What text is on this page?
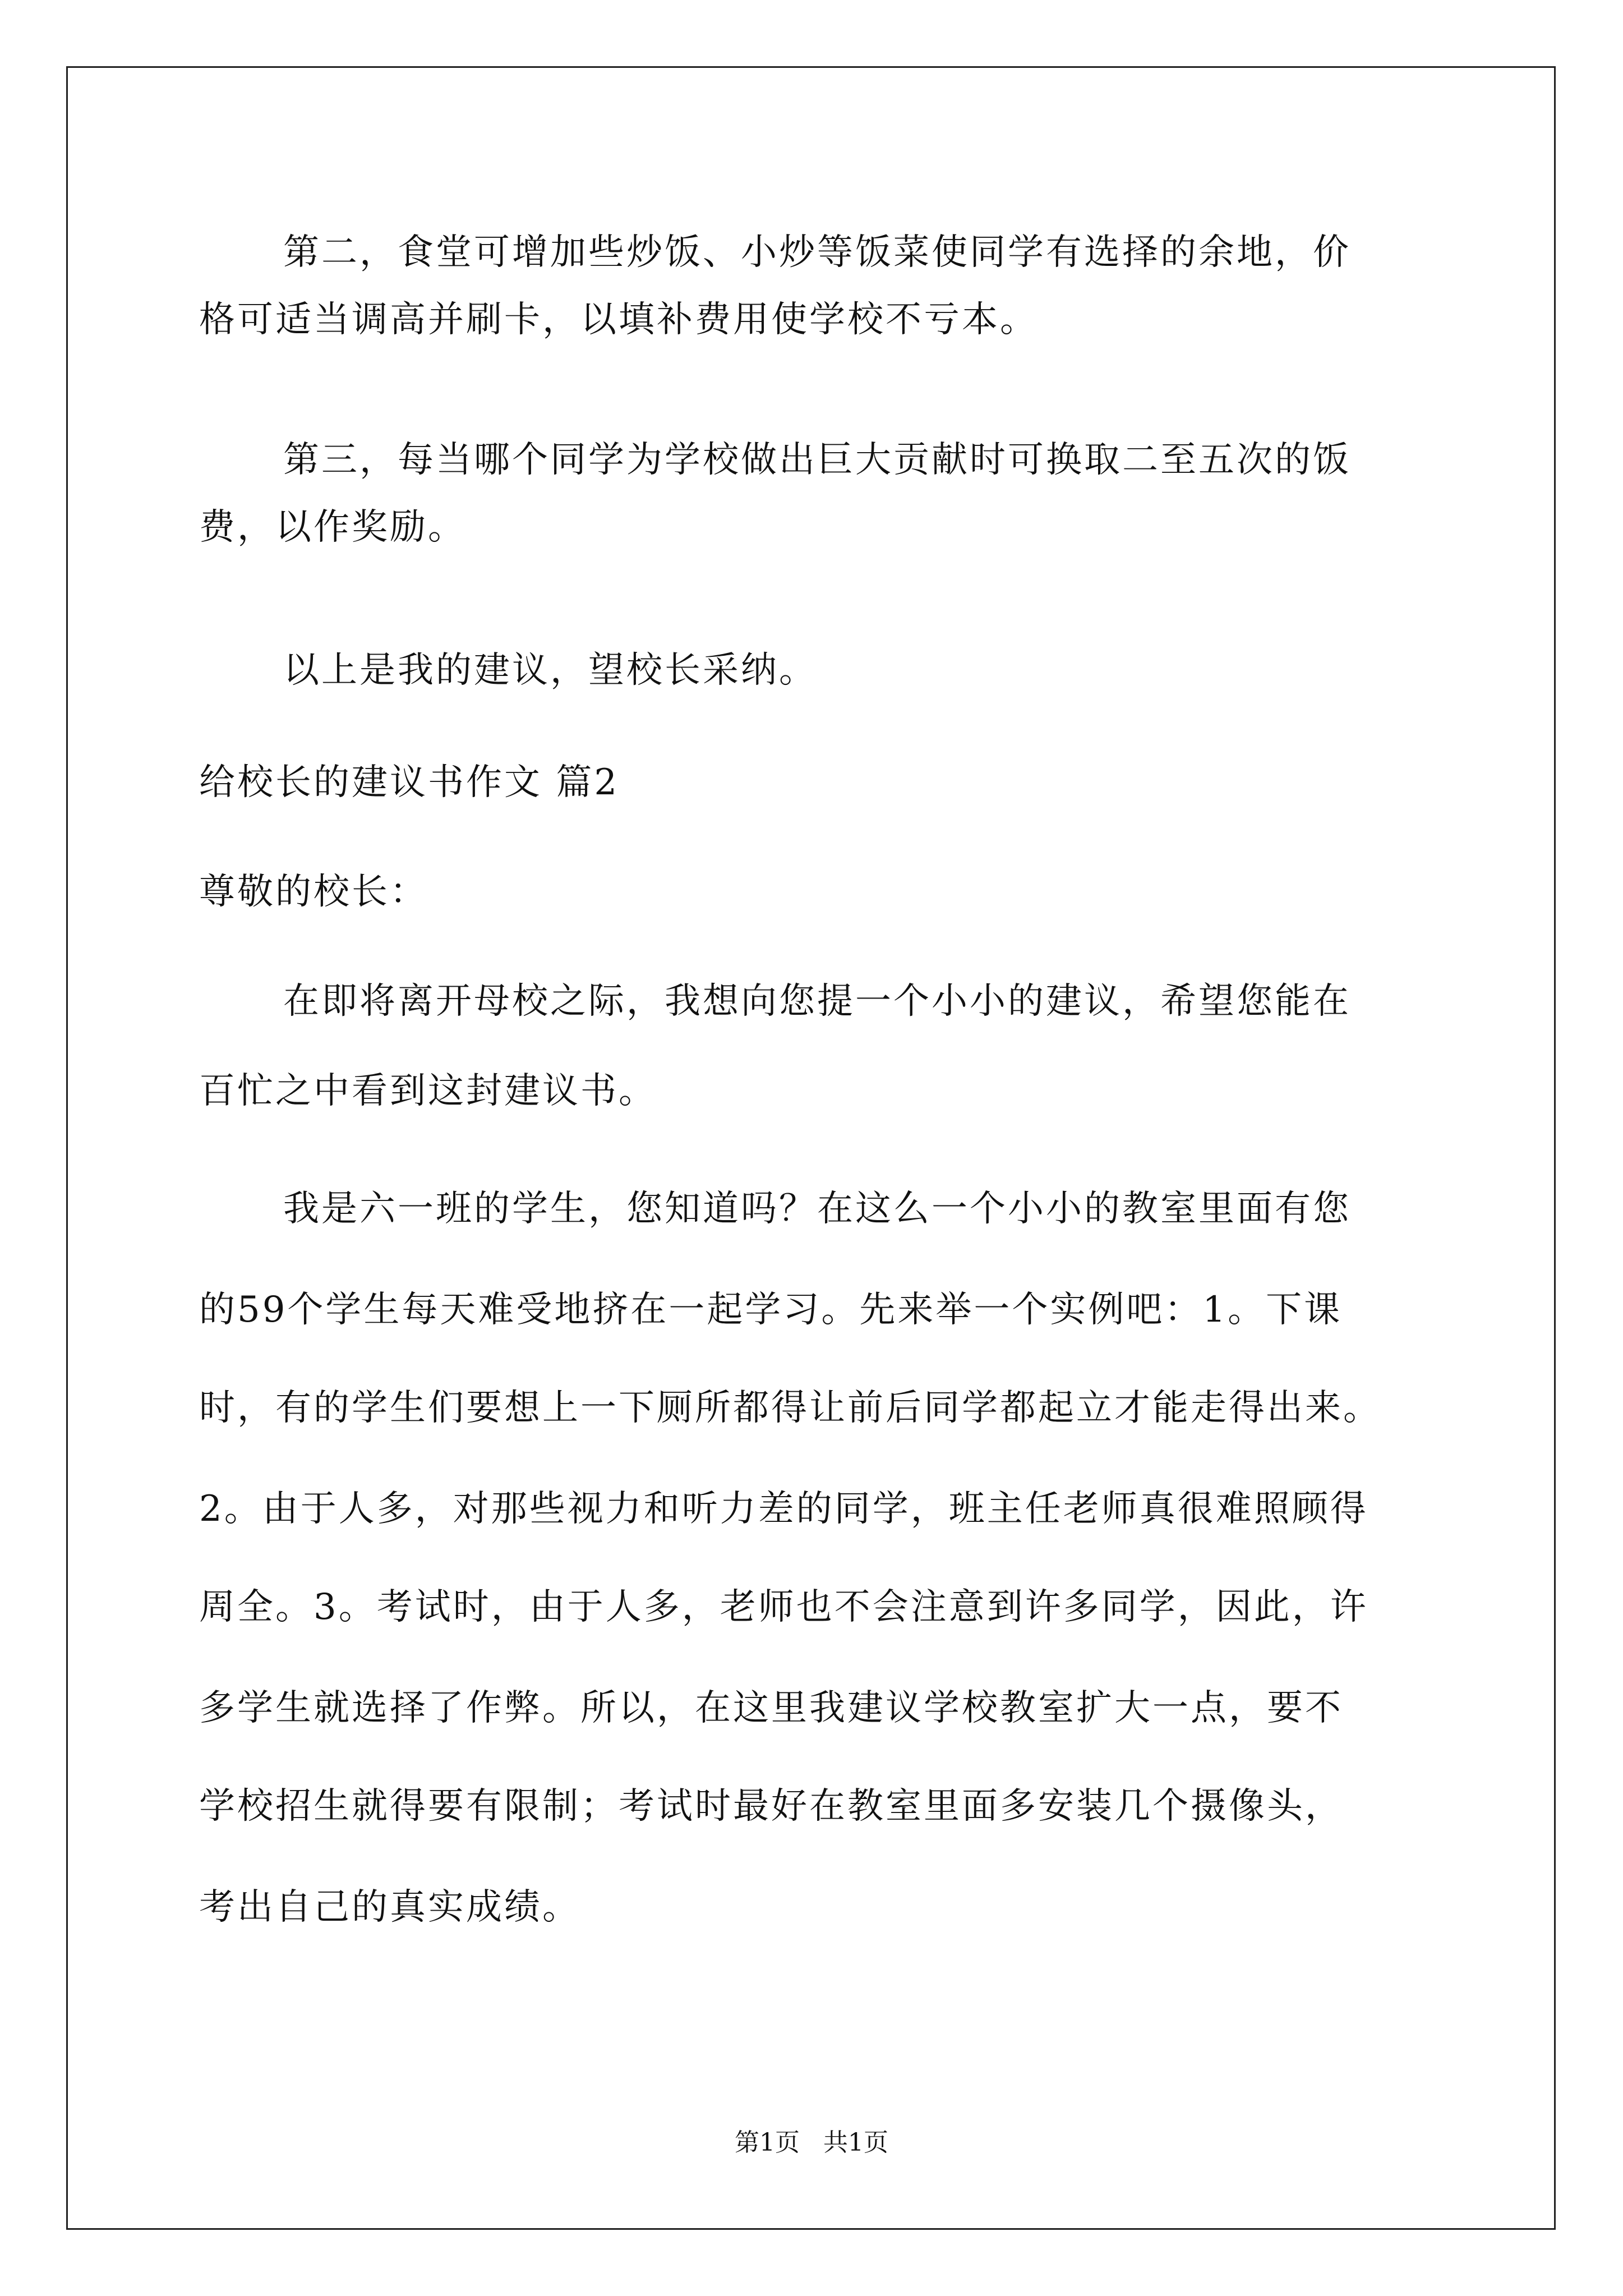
第二，食堂可增加些炒饭、小炒等饭菜使同学有选择的余地，价
格可适当调高并刷卡，以填补费用使学校不亏本。
第三，每当哪个同学为学校做出巨大贡献时可换取二至五次的饭
费，以作奖励。
以上是我的建议，望校长采纳。
给校长的建议书作文 篇2
尊敬的校长：
在即将离开母校之际，我想向您提一个小小的建议，希望您能在
百忙之中看到这封建议书。
我是六一班的学生，您知道吗？在这么一个小小的教室里面有您
的59个学生每天难受地挤在一起学习。先来举一个实例吧：1。下课
时，有的学生们要想上一下厕所都得让前后同学都起立才能走得出来。
2。由于人多，对那些视力和听力差的同学，班主任老师真很难照顾得
周全。3。考试时，由于人多，老师也不会注意到许多同学，因此，许
多学生就选择了作弊。所以，在这里我建议学校教室扩大一点，要不
学校招生就得要有限制；考试时最好在教室里面多安装几个摄像头，
考出自己的真实成绩。
第1页   共1页
